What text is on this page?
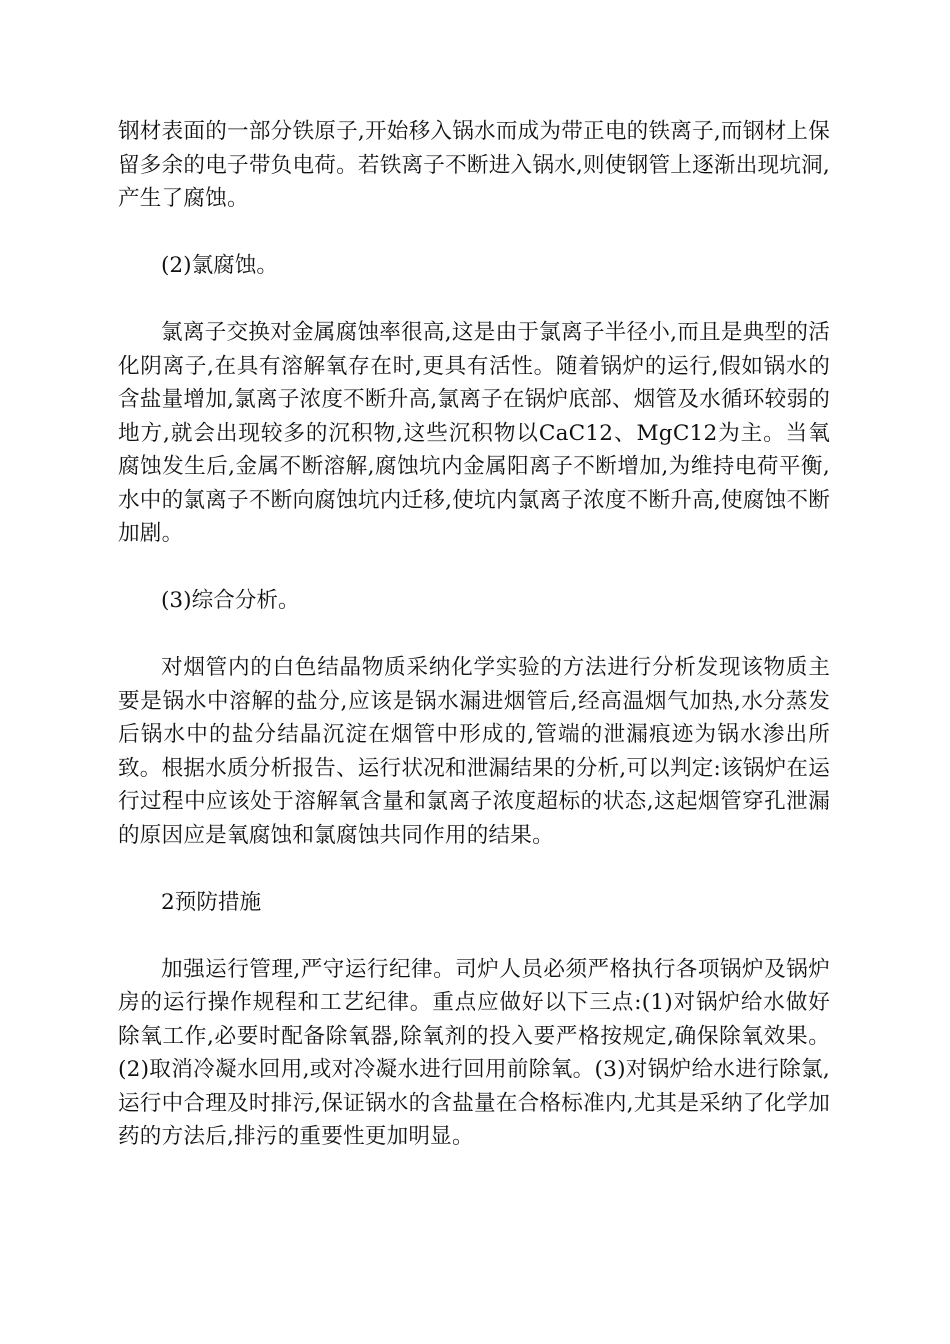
钢材表面的一部分铁原子,开始移入锅水而成为带正电的铁离子,而钢材上保留多余的电子带负电荷。若铁离子不断进入锅水,则使钢管上逐渐出现坑洞,产生了腐蚀。

(2)氯腐蚀。

氯离子交换对金属腐蚀率很高,这是由于氯离子半径小,而且是典型的活化阴离子,在具有溶解氧存在时,更具有活性。随着锅炉的运行,假如锅水的含盐量增加,氯离子浓度不断升高,氯离子在锅炉底部、烟管及水循环较弱的地方,就会出现较多的沉积物,这些沉积物以CaC12、MgC12为主。当氧腐蚀发生后,金属不断溶解,腐蚀坑内金属阳离子不断增加,为维持电荷平衡,水中的氯离子不断向腐蚀坑内迁移,使坑内氯离子浓度不断升高,使腐蚀不断加剧。

(3)综合分析。

对烟管内的白色结晶物质采纳化学实验的方法进行分析发现该物质主要是锅水中溶解的盐分,应该是锅水漏进烟管后,经高温烟气加热,水分蒸发后锅水中的盐分结晶沉淀在烟管中形成的,管端的泄漏痕迹为锅水渗出所致。根据水质分析报告、运行状况和泄漏结果的分析,可以判定:该锅炉在运行过程中应该处于溶解氧含量和氯离子浓度超标的状态,这起烟管穿孔泄漏的原因应是氧腐蚀和氯腐蚀共同作用的结果。

2预防措施

加强运行管理,严守运行纪律。司炉人员必须严格执行各项锅炉及锅炉房的运行操作规程和工艺纪律。重点应做好以下三点:(1)对锅炉给水做好除氧工作,必要时配备除氧器,除氧剂的投入要严格按规定,确保除氧效果。(2)取消冷凝水回用,或对冷凝水进行回用前除氧。(3)对锅炉给水进行除氯,运行中合理及时排污,保证锅水的含盐量在合格标准内,尤其是采纳了化学加药的方法后,排污的重要性更加明显。
